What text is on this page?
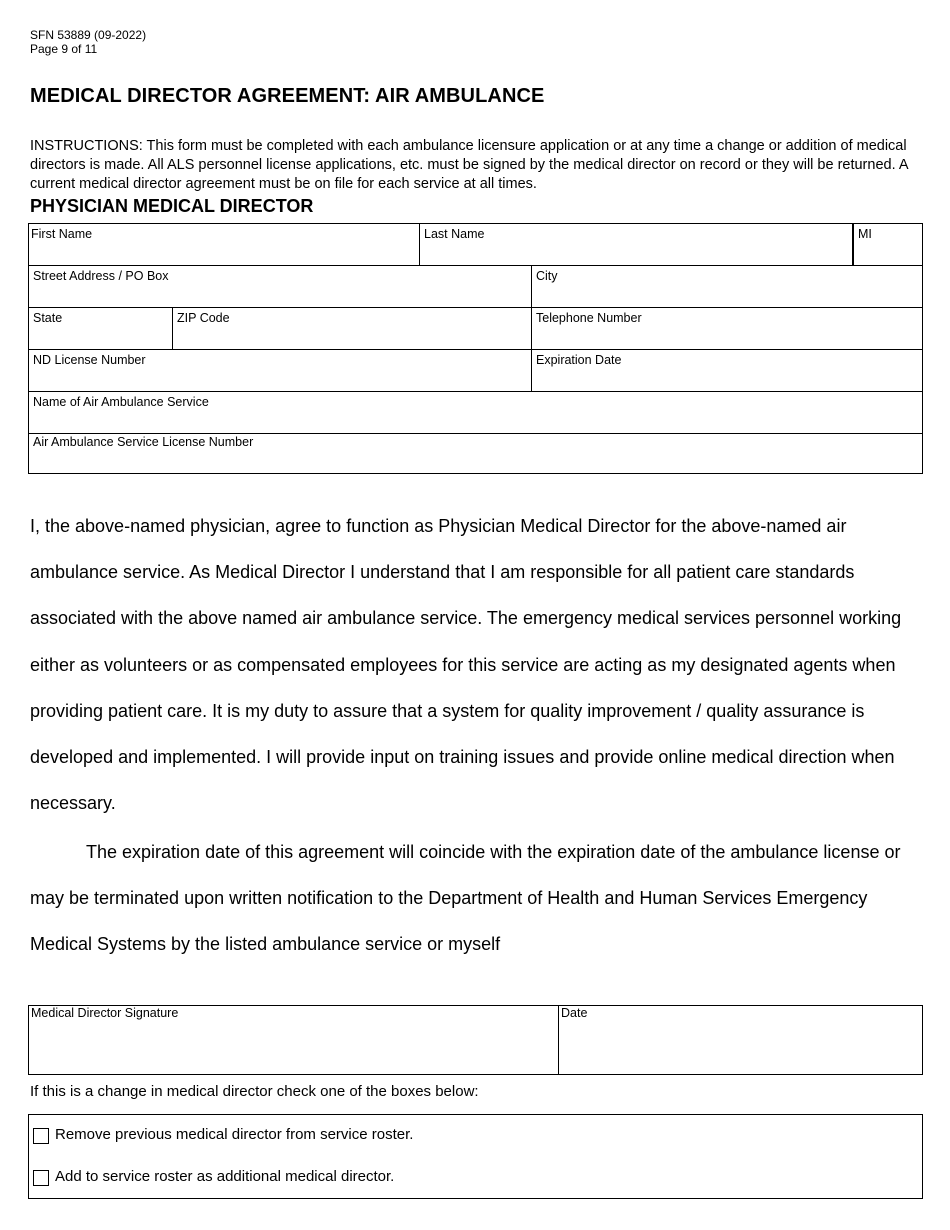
SFN 53889 (09-2022)
Page 9 of 11
MEDICAL DIRECTOR AGREEMENT: AIR AMBULANCE
INSTRUCTIONS: This form must be completed with each ambulance licensure application or at any time a change or addition of medical directors is made. All ALS personnel license applications, etc. must be signed by the medical director on record or they will be returned. A current medical director agreement must be on file for each service at all times.
PHYSICIAN MEDICAL DIRECTOR
First Name	Last Name	MI
Street Address / PO Box	City
State	ZIP Code	Telephone Number
ND License Number	Expiration Date
Name of Air Ambulance Service
Air Ambulance Service License Number

I, the above-named physician, agree to function as Physician Medical Director for the above-named air ambulance service. As Medical Director I understand that I am responsible for all patient care standards associated with the above named air ambulance service. The emergency medical services personnel working either as volunteers or as compensated employees for this service are acting as my designated agents when providing patient care. It is my duty to assure that a system for quality improvement / quality assurance is developed and implemented. I will provide input on training issues and provide online medical direction when necessary.

The expiration date of this agreement will coincide with the expiration date of the ambulance license or may be terminated upon written notification to the Department of Health and Human Services Emergency Medical Systems by the listed ambulance service or myself

Medical Director Signature	Date
If this is a change in medical director check one of the boxes below:
Remove previous medical director from service roster.
Add to service roster as additional medical director.
